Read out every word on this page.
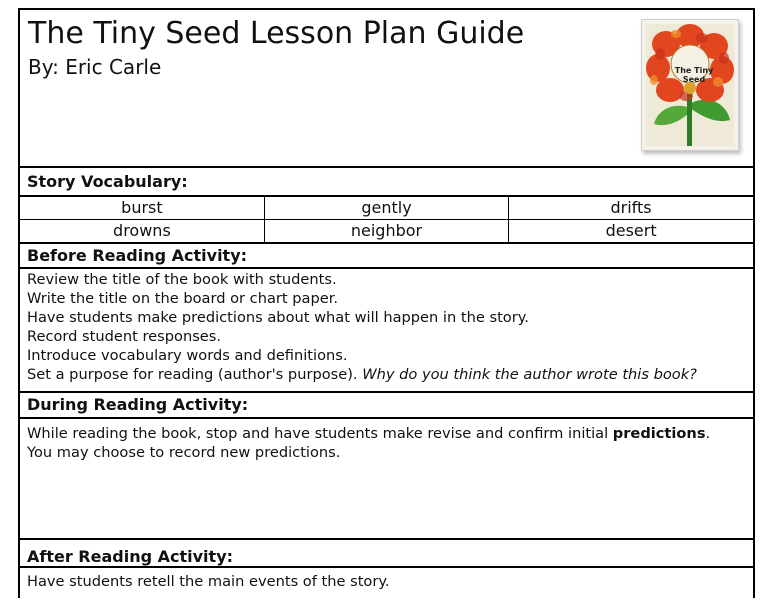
The Tiny Seed Lesson Plan Guide
By: Eric Carle	The Tiny
Seed
Story Vocabulary:
burst	gently	drifts
drowns	neighbor	desert
Before Reading Activity:
Review the title of the book with students.
Write the title on the board or chart paper.
Have students make predictions about what will happen in the story.
Record student responses.
Introduce vocabulary words and definitions.
Set a purpose for reading (author's purpose). Why do you think the author wrote this book?
During Reading Activity:
While reading the book, stop and have students make revise and confirm initial predictions.
You may choose to record new predictions.
After Reading Activity:
Have students retell the main events of the story.
